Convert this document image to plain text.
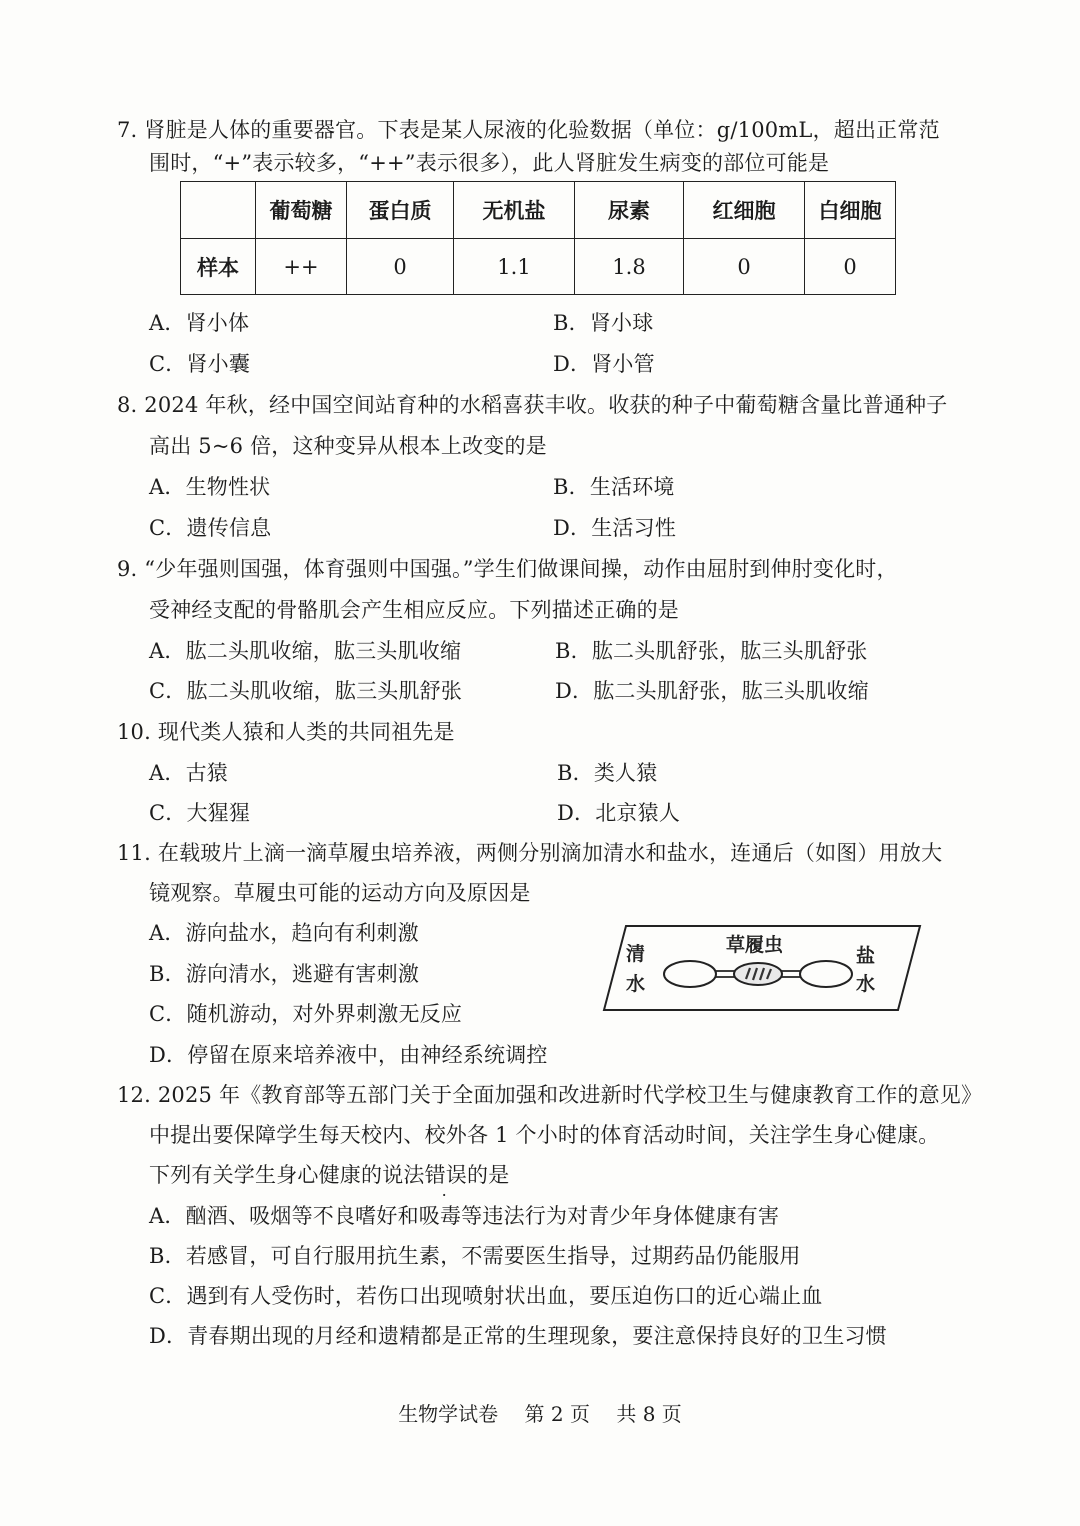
7. 肾脏是人体的重要器官。下表是某人尿液的化验数据（单位：g/100mL，超出正常范
围时，“+”表示较多，“++”表示很多），此人肾脏发生病变的部位可能是
	葡萄糖	蛋白质	无机盐	尿素	红细胞	白细胞
样本	++	0	1.1	1.8	0	0
A．肾小体	B．肾小球
C．肾小囊	D．肾小管
8. 2024 年秋，经中国空间站育种的水稻喜获丰收。收获的种子中葡萄糖含量比普通种子
高出 5~6 倍，这种变异从根本上改变的是
A．生物性状	B．生活环境
C．遗传信息	D．生活习性
9. “少年强则国强，体育强则中国强。”学生们做课间操，动作由屈肘到伸肘变化时，
受神经支配的骨骼肌会产生相应反应。下列描述正确的是
A．肱二头肌收缩，肱三头肌收缩	B．肱二头肌舒张，肱三头肌舒张
C．肱二头肌收缩，肱三头肌舒张	D．肱二头肌舒张，肱三头肌收缩
10. 现代类人猿和人类的共同祖先是
A．古猿	B．类人猿
C．大猩猩	D．北京猿人
11. 在载玻片上滴一滴草履虫培养液，两侧分别滴加清水和盐水，连通后（如图）用放大
镜观察。草履虫可能的运动方向及原因是
A．游向盐水，趋向有利刺激
B．游向清水，逃避有害刺激
C．随机游动，对外界刺激无反应
D．停留在原来培养液中，由神经系统调控
清
水
草履虫	盐
水
12. 2025 年《教育部等五部门关于全面加强和改进新时代学校卫生与健康教育工作的意见》
中提出要保障学生每天校内、校外各 1 个小时的体育活动时间，关注学生身心健康。
下列有关学生身心健康的说法错误的是
A．酗酒、吸烟等不良嗜好和吸毒等违法行为对青少年身体健康有害
B．若感冒，可自行服用抗生素，不需要医生指导，过期药品仍能服用
C．遇到有人受伤时，若伤口出现喷射状出血，要压迫伤口的近心端止血
D．青春期出现的月经和遗精都是正常的生理现象，要注意保持良好的卫生习惯
生物学试卷 第 2 页 共 8 页
